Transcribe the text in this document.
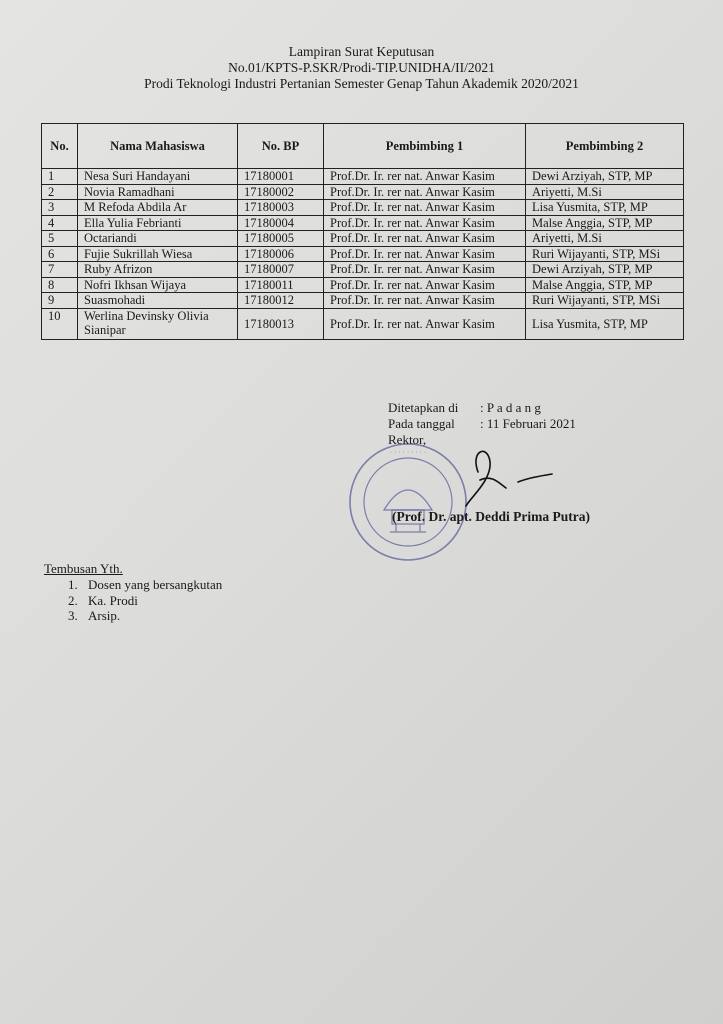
Lampiran Surat Keputusan
No.01/KPTS-P.SKR/Prodi-TIP.UNIDHA/II/2021
Prodi Teknologi Industri Pertanian Semester Genap Tahun Akademik 2020/2021
No.	Nama Mahasiswa	No. BP	Pembimbing 1	Pembimbing 2
1	Nesa Suri Handayani	17180001	Prof.Dr. Ir. rer nat. Anwar Kasim	Dewi Arziyah, STP, MP
2	Novia Ramadhani	17180002	Prof.Dr. Ir. rer nat. Anwar Kasim	Ariyetti, M.Si
3	M Refoda Abdila Ar	17180003	Prof.Dr. Ir. rer nat. Anwar Kasim	Lisa Yusmita, STP, MP
4	Ella Yulia Febrianti	17180004	Prof.Dr. Ir. rer nat. Anwar Kasim	Malse Anggia, STP, MP
5	Octariandi	17180005	Prof.Dr. Ir. rer nat. Anwar Kasim	Ariyetti, M.Si
6	Fujie Sukrillah Wiesa	17180006	Prof.Dr. Ir. rer nat. Anwar Kasim	Ruri Wijayanti, STP, MSi
7	Ruby Afrizon	17180007	Prof.Dr. Ir. rer nat. Anwar Kasim	Dewi Arziyah, STP, MP
8	Nofri Ikhsan Wijaya	17180011	Prof.Dr. Ir. rer nat. Anwar Kasim	Malse Anggia, STP, MP
9	Suasmohadi	17180012	Prof.Dr. Ir. rer nat. Anwar Kasim	Ruri Wijayanti, STP, MSi
10	Werlina Devinsky Olivia Sianipar	17180013	Prof.Dr. Ir. rer nat. Anwar Kasim	Lisa Yusmita, STP, MP
· · · · · · · · ·
Ditetapkan di : P a d a n g
Pada tanggal : 11 Februari 2021
Rektor,
(Prof. Dr. apt. Deddi Prima Putra)
Tembusan Yth.
1. Dosen yang bersangkutan
2. Ka. Prodi
3. Arsip.
